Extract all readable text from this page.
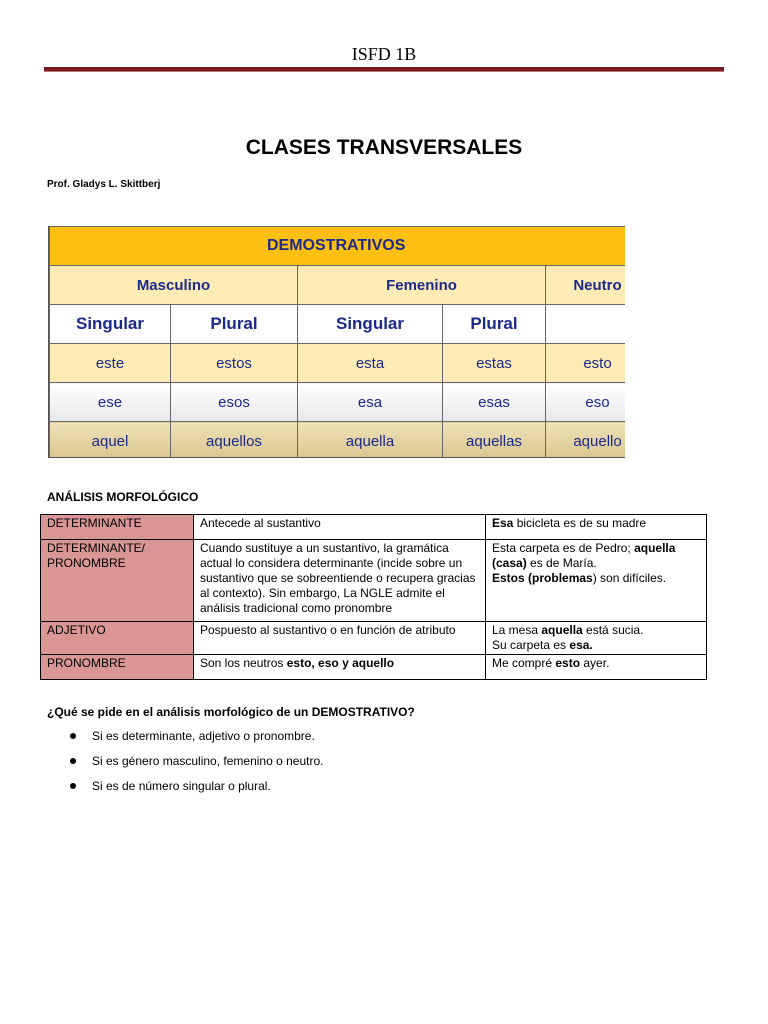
ISFD 1B
CLASES TRANSVERSALES
Prof. Gladys L. Skittberj
DEMOSTRATIVOS				
Masculino		Femenino		Neutro
Singular	Plural	Singular	Plural	
este	estos	esta	estas	esto
ese	esos	esa	esas	eso
aquel	aquellos	aquella	aquellas	aquello
ANÁLISIS MORFOLÓGICO
DETERMINANTE	Antecede al sustantivo	Esa bicicleta es de su madre
DETERMINANTE/ PRONOMBRE	Cuando sustituye a un sustantivo, la gramática actual lo considera determinante (incide sobre un sustantivo que se sobreentiende o recupera gracias al contexto). Sin embargo, La NGLE admite el análisis tradicional como pronombre	Esta carpeta es de Pedro; aquella (casa) es de María.
Estos (problemas) son difíciles.
ADJETIVO	Pospuesto al sustantivo o en función de atributo	La mesa aquella está sucia.
Su carpeta es esa.
PRONOMBRE	Son los neutros esto, eso y aquello	Me compré esto ayer.
¿Qué se pide en el análisis morfológico de un DEMOSTRATIVO?
Si es determinante, adjetivo o pronombre.
Si es género masculino, femenino o neutro.
Si es de número singular o plural.
